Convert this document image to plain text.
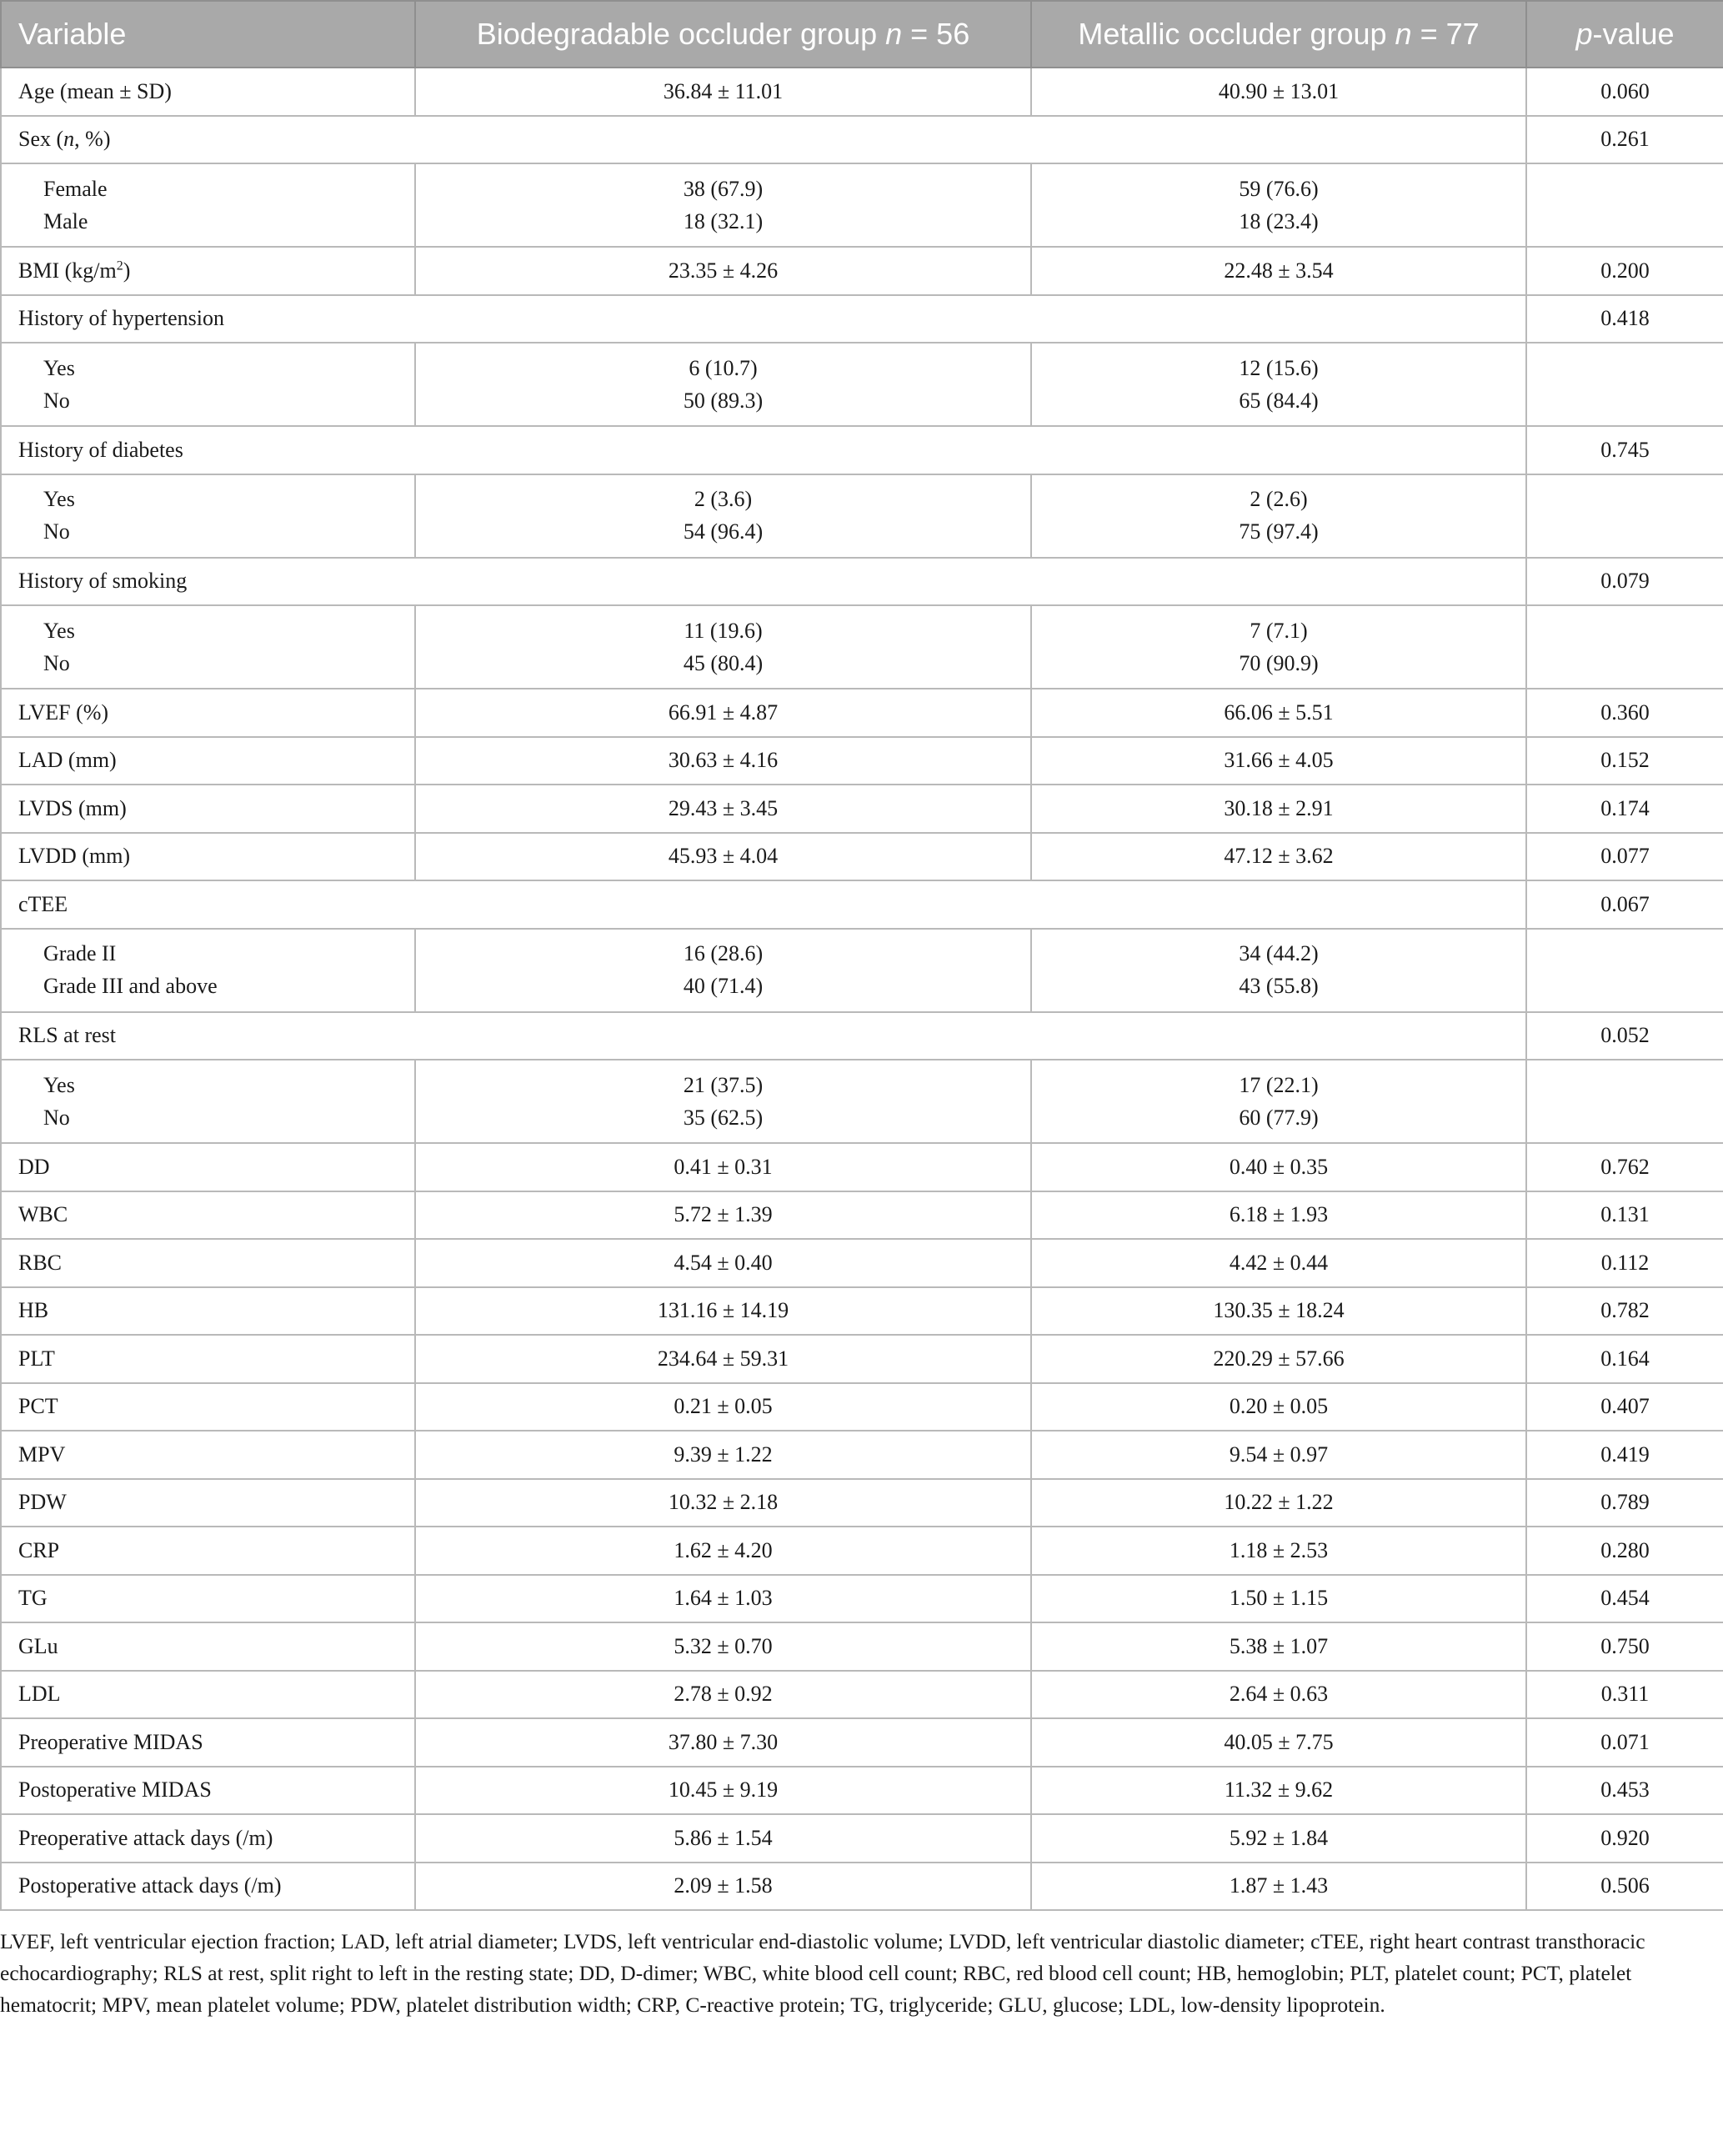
Variable	Biodegradable occluder group n = 56	Metallic occluder group n = 77	p-value
Age (mean ± SD)	36.84 ± 11.01	40.90 ± 13.01	0.060
Sex (n, %)			0.261
Female	38 (67.9)	59 (76.6)	
Male	18 (32.1)	18 (23.4)	
BMI $(kg/m^2)$	23.35 ± 4.26	22.48 ± 3.54	0.200
History of hypertension			0.418
Yes	6 (10.7)	12 (15.6)	
No	50 (89.3)	65 (84.4)	
History of diabetes			0.745
Yes	2 (3.6)	2 (2.6)	
No	54 (96.4)	75 (97.4)	
History of smoking			0.079
Yes	11 (19.6)	7 (7.1)	
No	45 (80.4)	70 (90.9)	
LVEF (%)	66.91 ± 4.87	66.06 ± 5.51	0.360
LAD (mm)	30.63 ± 4.16	31.66 ± 4.05	0.152
LVDS (mm)	29.43 ± 3.45	30.18 ± 2.91	0.174
LVDD (mm)	45.93 ± 4.04	47.12 ± 3.62	0.077
cTEE			0.067
Grade II	16 (28.6)	34 (44.2)	
Grade III and above	40 (71.4)	43 (55.8)	
RLS at rest			0.052
Yes	21 (37.5)	17 (22.1)	
No	35 (62.5)	60 (77.9)	
DD	0.41 ± 0.31	0.40 ± 0.35	0.762
WBC	5.72 ± 1.39	6.18 ± 1.93	0.131
RBC	4.54 ± 0.40	4.42 ± 0.44	0.112
HB	131.16 ± 14.19	130.35 ± 18.24	0.782
PLT	234.64 ± 59.31	220.29 ± 57.66	0.164
PCT	0.21 ± 0.05	0.20 ± 0.05	0.407
MPV	9.39 ± 1.22	9.54 ± 0.97	0.419
PDW	10.32 ± 2.18	10.22 ± 1.22	0.789
CRP	1.62 ± 4.20	1.18 ± 2.53	0.280
TG	1.64 ± 1.03	1.50 ± 1.15	0.454
GLu	5.32 ± 0.70	5.38 ± 1.07	0.750
LDL	2.78 ± 0.92	2.64 ± 0.63	0.311
Preoperative MIDAS	37.80 ± 7.30	40.05 ± 7.75	0.071
Postoperative MIDAS	10.45 ± 9.19	11.32 ± 9.62	0.453
Preoperative attack days (/m)	5.86 ± 1.54	5.92 ± 1.84	0.920
Postoperative attack days (/m)	2.09 ± 1.58	1.87 ± 1.43	0.506
LVEF, left ventricular ejection fraction; LAD, left atrial diameter; LVDS, left ventricular end-diastolic volume; LVDD, left ventricular diastolic diameter; cTEE, right heart contrast transthoracic echocardiography; RLS at rest, split right to left in the resting state; DD, D-dimer; WBC, white blood cell count; RBC, red blood cell count; HB, hemoglobin; PLT, platelet count; PCT, platelet hematocrit; MPV, mean platelet volume; PDW, platelet distribution width; CRP, C-reactive protein; TG, triglyceride; GLU, glucose; LDL, low-density lipoprotein.
